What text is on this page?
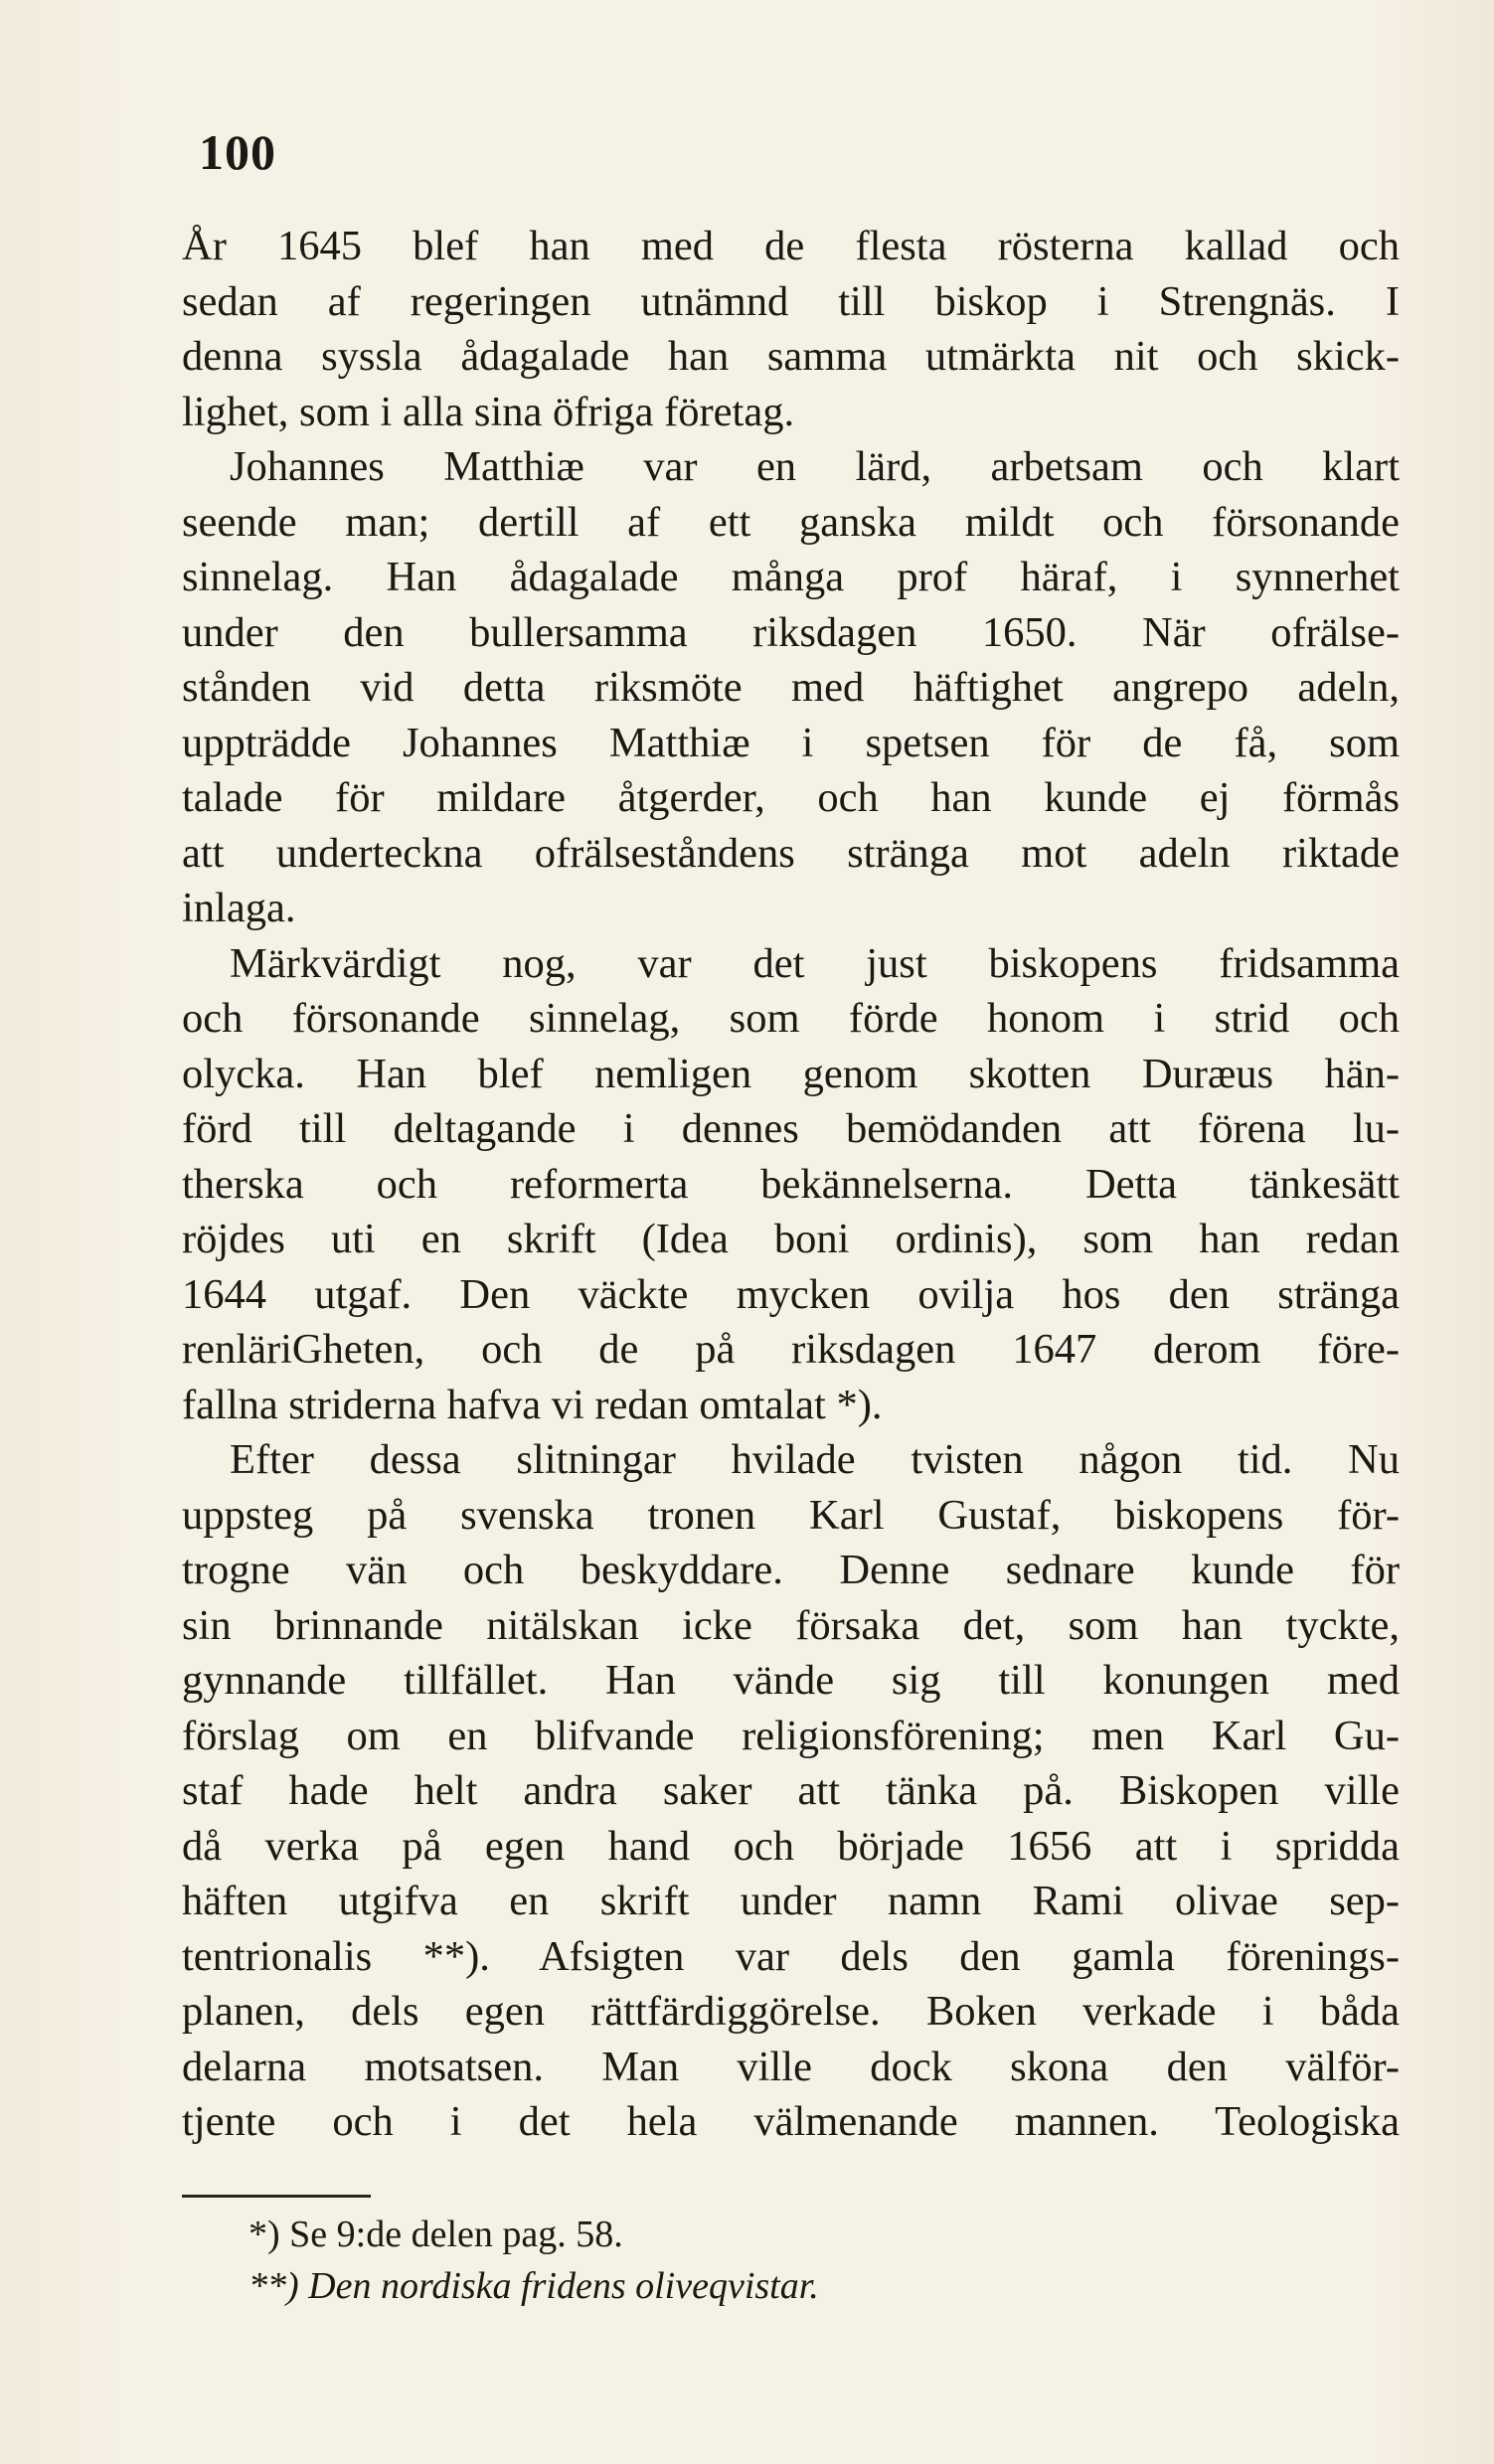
100
År 1645 blef han med de flesta rösterna kallad och
sedan af regeringen utnämnd till biskop i Strengnäs. I
denna syssla ådagalade han samma utmärkta nit och skick-
lighet, som i alla sina öfriga företag.
Johannes Matthiæ var en lärd, arbetsam och klart
seende man; dertill af ett ganska mildt och försonande
sinnelag. Han ådagalade många prof häraf, i synnerhet
under den bullersamma riksdagen 1650. När ofrälse-
stånden vid detta riksmöte med häftighet angrepo adeln,
uppträdde Johannes Matthiæ i spetsen för de få, som
talade för mildare åtgerder, och han kunde ej förmås
att underteckna ofrälseståndens stränga mot adeln riktade
inlaga.
Märkvärdigt nog, var det just biskopens fridsamma
och försonande sinnelag, som förde honom i strid och
olycka. Han blef nemligen genom skotten Duræus hän-
förd till deltagande i dennes bemödanden att förena lu-
therska och reformerta bekännelserna. Detta tänkesätt
röjdes uti en skrift (Idea boni ordinis), som han redan
1644 utgaf. Den väckte mycken ovilja hos den stränga
renläriGheten, och de på riksdagen 1647 derom före-
fallna striderna hafva vi redan omtalat *).
Efter dessa slitningar hvilade tvisten någon tid. Nu
uppsteg på svenska tronen Karl Gustaf, biskopens för-
trogne vän och beskyddare. Denne sednare kunde för
sin brinnande nitälskan icke försaka det, som han tyckte,
gynnande tillfället. Han vände sig till konungen med
förslag om en blifvande religionsförening; men Karl Gu-
staf hade helt andra saker att tänka på. Biskopen ville
då verka på egen hand och började 1656 att i spridda
häften utgifva en skrift under namn Rami olivae sep-
tentrionalis **). Afsigten var dels den gamla förenings-
planen, dels egen rättfärdiggörelse. Boken verkade i båda
delarna motsatsen. Man ville dock skona den välför-
tjente och i det hela välmenande mannen. Teologiska
*) Se 9:de delen pag. 58.
**) Den nordiska fridens oliveqvistar.
